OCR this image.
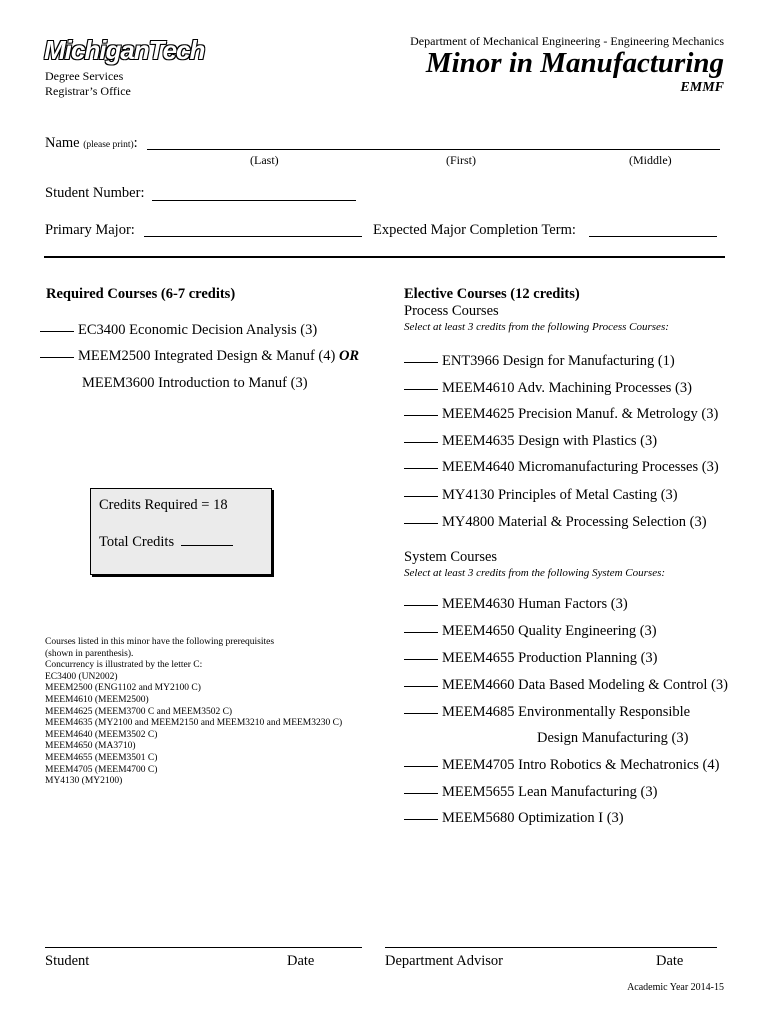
MichiganTech
Degree Services
Registrar’s Office
Department of Mechanical Engineering - Engineering Mechanics
Minor in Manufacturing
EMMF
Name (please print):
(Last)	(First)	(Middle)
Student Number:
Primary Major:	Expected Major Completion Term:
Required Courses (6-7 credits)
EC3400 Economic Decision Analysis (3)
MEEM2500 Integrated Design & Manuf (4) OR
MEEM3600 Introduction to Manuf (3)
Credits Required = 18
Total Credits
Courses listed in this minor have the following prerequisites
(shown in parenthesis).
Concurrency is illustrated by the letter C:
EC3400 (UN2002)
MEEM2500 (ENG1102 and MY2100 C)
MEEM4610 (MEEM2500)
MEEM4625 (MEEM3700 C and MEEM3502 C)
MEEM4635 (MY2100 and MEEM2150 and MEEM3210 and MEEM3230 C)
MEEM4640 (MEEM3502 C)
MEEM4650 (MA3710)
MEEM4655 (MEEM3501 C)
MEEM4705 (MEEM4700 C)
MY4130 (MY2100)
Elective Courses (12 credits)
Process Courses
Select at least 3 credits from the following Process Courses:
ENT3966 Design for Manufacturing (1)
MEEM4610 Adv. Machining Processes (3)
MEEM4625 Precision Manuf. & Metrology (3)
MEEM4635 Design with Plastics (3)
MEEM4640 Micromanufacturing Processes (3)
MY4130 Principles of Metal Casting (3)
MY4800 Material & Processing Selection (3)
System Courses
Select at least 3 credits from the following System Courses:
MEEM4630 Human Factors (3)
MEEM4650 Quality Engineering (3)
MEEM4655 Production Planning (3)
MEEM4660 Data Based Modeling & Control (3)
MEEM4685 Environmentally Responsible
Design Manufacturing (3)
MEEM4705 Intro Robotics & Mechatronics (4)
MEEM5655 Lean Manufacturing (3)
MEEM5680 Optimization I (3)
Student	Date	Department Advisor	Date
Academic Year 2014-15
